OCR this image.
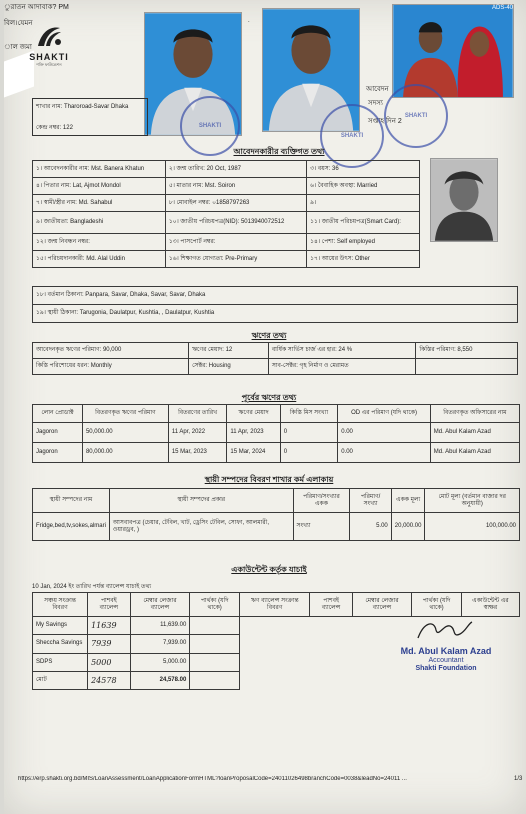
ুরাতন আদাবাক? PM
বিল।যেমন
াল জমা
SHAKTI
শক্তি ফাউন্ডেশন
.
ADS-40
আবেদন
সদস্য
সপ্তাহ দিন 2
SHAKTI
SHAKTI
SHAKTI
শাখার নাম: Tharoroad-Savar Dhaka
কেন্দ্র নম্বর: 122
আবেদনকারীর ব্যক্তিগত তথ্য
১। আবেদনকারীর নাম: Mst. Banera Khatun	২। জন্ম তারিখ: 20 Oct, 1987	৩। বয়স: 36
৪। পিতার নাম: Lat, Ajmot Mondol	৫। মাতার নাম: Mst. Soiron	৬। বৈবাহিক অবস্থা: Married
৭। স্বামী/স্ত্রীর নাম: Md. Sahabul	৮। মোবাইল নম্বর: ০1858797263	৯।
৯। জাতীয়তা: Bangladeshi	১০। জাতীয় পরিচয়পত্র(NID): 5013940072512	১১। জাতীয় পরিচয়পত্র(Smart Card):
১২। জন্ম নিবন্ধন নম্বর:	১৩। পাসপোর্ট নম্বর:	১৪। পেশা: Self employed
১৫। পরিচয়দানকারী: Md. Alal Uddin	১৬। শিক্ষাগত যোগ্যতা: Pre-Primary	১৭। আয়ের উৎস: Other
১৮। বর্তমান ঠিকানা: Panpara, Savar, Dhaka, Savar, Savar, Dhaka
১৯। স্থায়ী ঠিকানা: Tarugonia, Daulatpur, Kushtia, , Daulatpur, Kushtia
ঋণের তথ্য
আবেদনকৃত ঋণের পরিমাণ: 90,000	ঋণের মেয়াদ: 12	বার্ষিক সার্ভিস চার্জ এর হার: 24 %	কিস্তির পরিমাণ: 8,550
কিস্তি পরিশোধের ধরন: Monthly	সেক্টর: Housing	সাব-সেক্টর: গৃহ নির্মাণ ও মেরামত	
পূর্বের ঋণের তথ্য
লোন প্রোডাক্ট	বিতরণকৃত ঋণের পরিমাণ	বিতরণের তারিখ	ঋণের মেয়াদ	কিস্তি মিস সংখ্যা	OD এর পরিমাণ (যদি থাকে)	বিতরণকৃত অফিসারের নাম
Jagoron	50,000.00	11 Apr, 2022	11 Apr, 2023	0	0.00	Md. Abul Kalam Azad
Jagoron	80,000.00	15 Mar, 2023	15 Mar, 2024	0	0.00	Md. Abul Kalam Azad
স্থায়ী সম্পদের বিবরণ শাখার কর্ম এলাকায়
স্থায়ী সম্পদের নাম	স্থায়ী সম্পদের প্রকার	পরিমাণ/সংখ্যার একক	পরিমাণ/ সংখ্যা	একক মূল্য	মোট মূল্য (বর্তমান বাজার দর অনুযায়ী)
Fridge,bed,tv,sokes,almari	আসবাবপত্র (চেয়ার, টেবিল, খাট, ড্রেসিং টেবিল, সোফা, আলমারী, ওয়ারড্রব, )	সংখ্যা	5.00	20,000.00	100,000.00
একাউন্টেন্ট কর্তৃক যাচাই
10 Jan, 2024 ইং তারিখ পর্যন্ত ব্যালেন্স যাচাই তথ্য
সঞ্চয় সংক্রান্ত বিবরণ	পাশবই ব্যালেন্স	মেম্বার লেজার ব্যালেন্স	পার্থক্য (যদি থাকে)	ঋণ ব্যালেন্স সংক্রান্ত বিবরণ	পাশবই ব্যালেন্স	মেম্বার লেজার ব্যালেন্স	পার্থক্য (যদি থাকে)	একাউন্টেন্ট এর স্বাক্ষর
My Savings	11639	11,639.00						
Sheccha Savings	7939	7,939.00						
SDPS	5000	5,000.00						
মোট	24578	24,578.00						
Md. Abul Kalam Azad
Accountant
Shakti Foundation
https://erp.shakti.org.bd/MIS/LoanAssessment/LoanApplicationFormHTML?loanProposalCode=24011026498branchCode=0038&leadNo=24011 ...	1/3
